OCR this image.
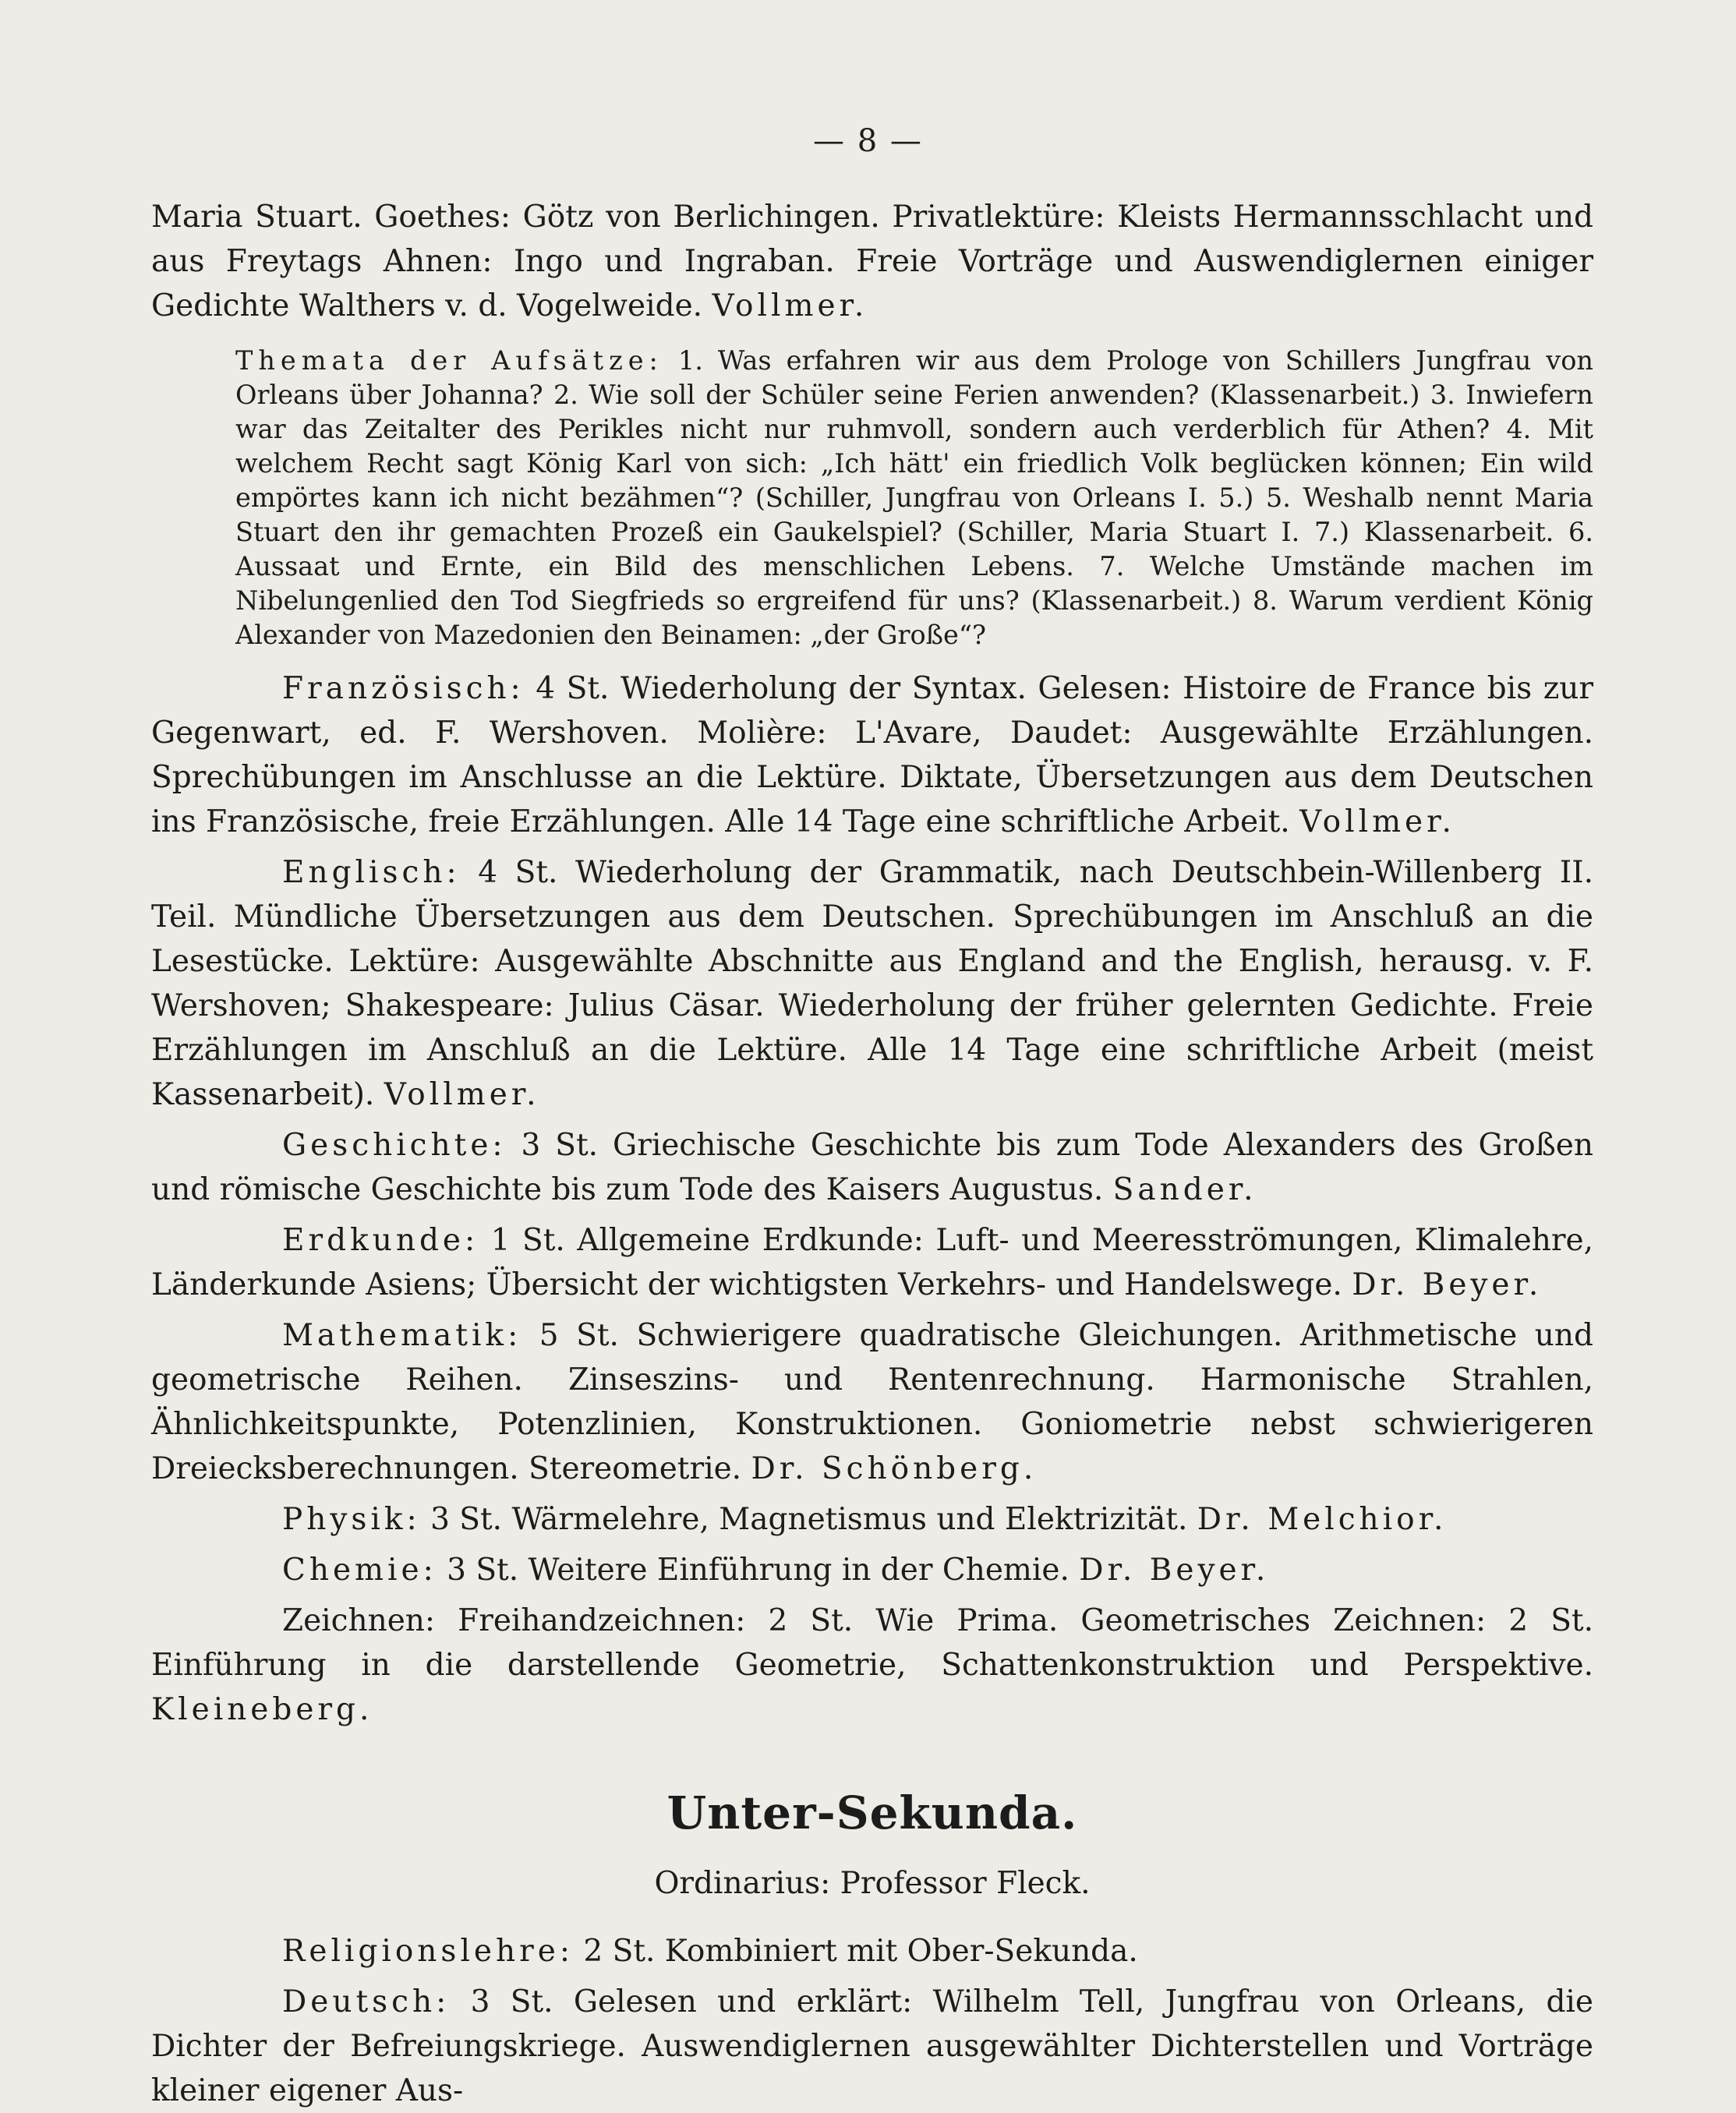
— 8 —

Maria Stuart. Goethes: Götz von Berlichingen. Privatlektüre: Kleists Hermannsschlacht und aus Freytags Ahnen: Ingo und Ingraban. Freie Vorträge und Auswendiglernen einiger Gedichte Walthers v. d. Vogelweide. Vollmer.

Themata der Aufsätze: 1. Was erfahren wir aus dem Prologe von Schillers Jungfrau von Orleans über Johanna? 2. Wie soll der Schüler seine Ferien anwenden? (Klassenarbeit.) 3. Inwiefern war das Zeitalter des Perikles nicht nur ruhmvoll, sondern auch verderblich für Athen? 4. Mit welchem Recht sagt König Karl von sich: „Ich hätt' ein friedlich Volk beglücken können; Ein wild empörtes kann ich nicht bezähmen“? (Schiller, Jungfrau von Orleans I. 5.) 5. Weshalb nennt Maria Stuart den ihr gemachten Prozeß ein Gaukelspiel? (Schiller, Maria Stuart I. 7.) Klassenarbeit. 6. Aussaat und Ernte, ein Bild des menschlichen Lebens. 7. Welche Umstände machen im Nibelungenlied den Tod Siegfrieds so ergreifend für uns? (Klassenarbeit.) 8. Warum verdient König Alexander von Mazedonien den Beinamen: „der Große“?

Französisch: 4 St. Wiederholung der Syntax. Gelesen: Histoire de France bis zur Gegenwart, ed. F. Wershoven. Molière: L'Avare, Daudet: Ausgewählte Erzählungen. Sprechübungen im Anschlusse an die Lektüre. Diktate, Übersetzungen aus dem Deutschen ins Französische, freie Erzählungen. Alle 14 Tage eine schriftliche Arbeit. Vollmer.

Englisch: 4 St. Wiederholung der Grammatik, nach Deutschbein-Willenberg II. Teil. Mündliche Übersetzungen aus dem Deutschen. Sprechübungen im Anschluß an die Lesestücke. Lektüre: Ausgewählte Abschnitte aus England and the English, herausg. v. F. Wershoven; Shakespeare: Julius Cäsar. Wiederholung der früher gelernten Gedichte. Freie Erzählungen im Anschluß an die Lektüre. Alle 14 Tage eine schriftliche Arbeit (meist Kassenarbeit). Vollmer.

Geschichte: 3 St. Griechische Geschichte bis zum Tode Alexanders des Großen und römische Geschichte bis zum Tode des Kaisers Augustus. Sander.

Erdkunde: 1 St. Allgemeine Erdkunde: Luft- und Meeresströmungen, Klimalehre, Länderkunde Asiens; Übersicht der wichtigsten Verkehrs- und Handelswege. Dr. Beyer.

Mathematik: 5 St. Schwierigere quadratische Gleichungen. Arithmetische und geometrische Reihen. Zinseszins- und Rentenrechnung. Harmonische Strahlen, Ähnlichkeitspunkte, Potenzlinien, Konstruktionen. Goniometrie nebst schwierigeren Dreiecksberechnungen. Stereometrie. Dr. Schönberg.

Physik: 3 St. Wärmelehre, Magnetismus und Elektrizität. Dr. Melchior.

Chemie: 3 St. Weitere Einführung in der Chemie. Dr. Beyer.

Zeichnen: Freihandzeichnen: 2 St. Wie Prima. Geometrisches Zeichnen: 2 St. Einführung in die darstellende Geometrie, Schattenkonstruktion und Perspektive. Kleineberg.

Unter-Sekunda.
Ordinarius: Professor Fleck.

Religionslehre: 2 St. Kombiniert mit Ober-Sekunda.

Deutsch: 3 St. Gelesen und erklärt: Wilhelm Tell, Jungfrau von Orleans, die Dichter der Befreiungskriege. Auswendiglernen ausgewählter Dichterstellen und Vorträge kleiner eigener Aus-
